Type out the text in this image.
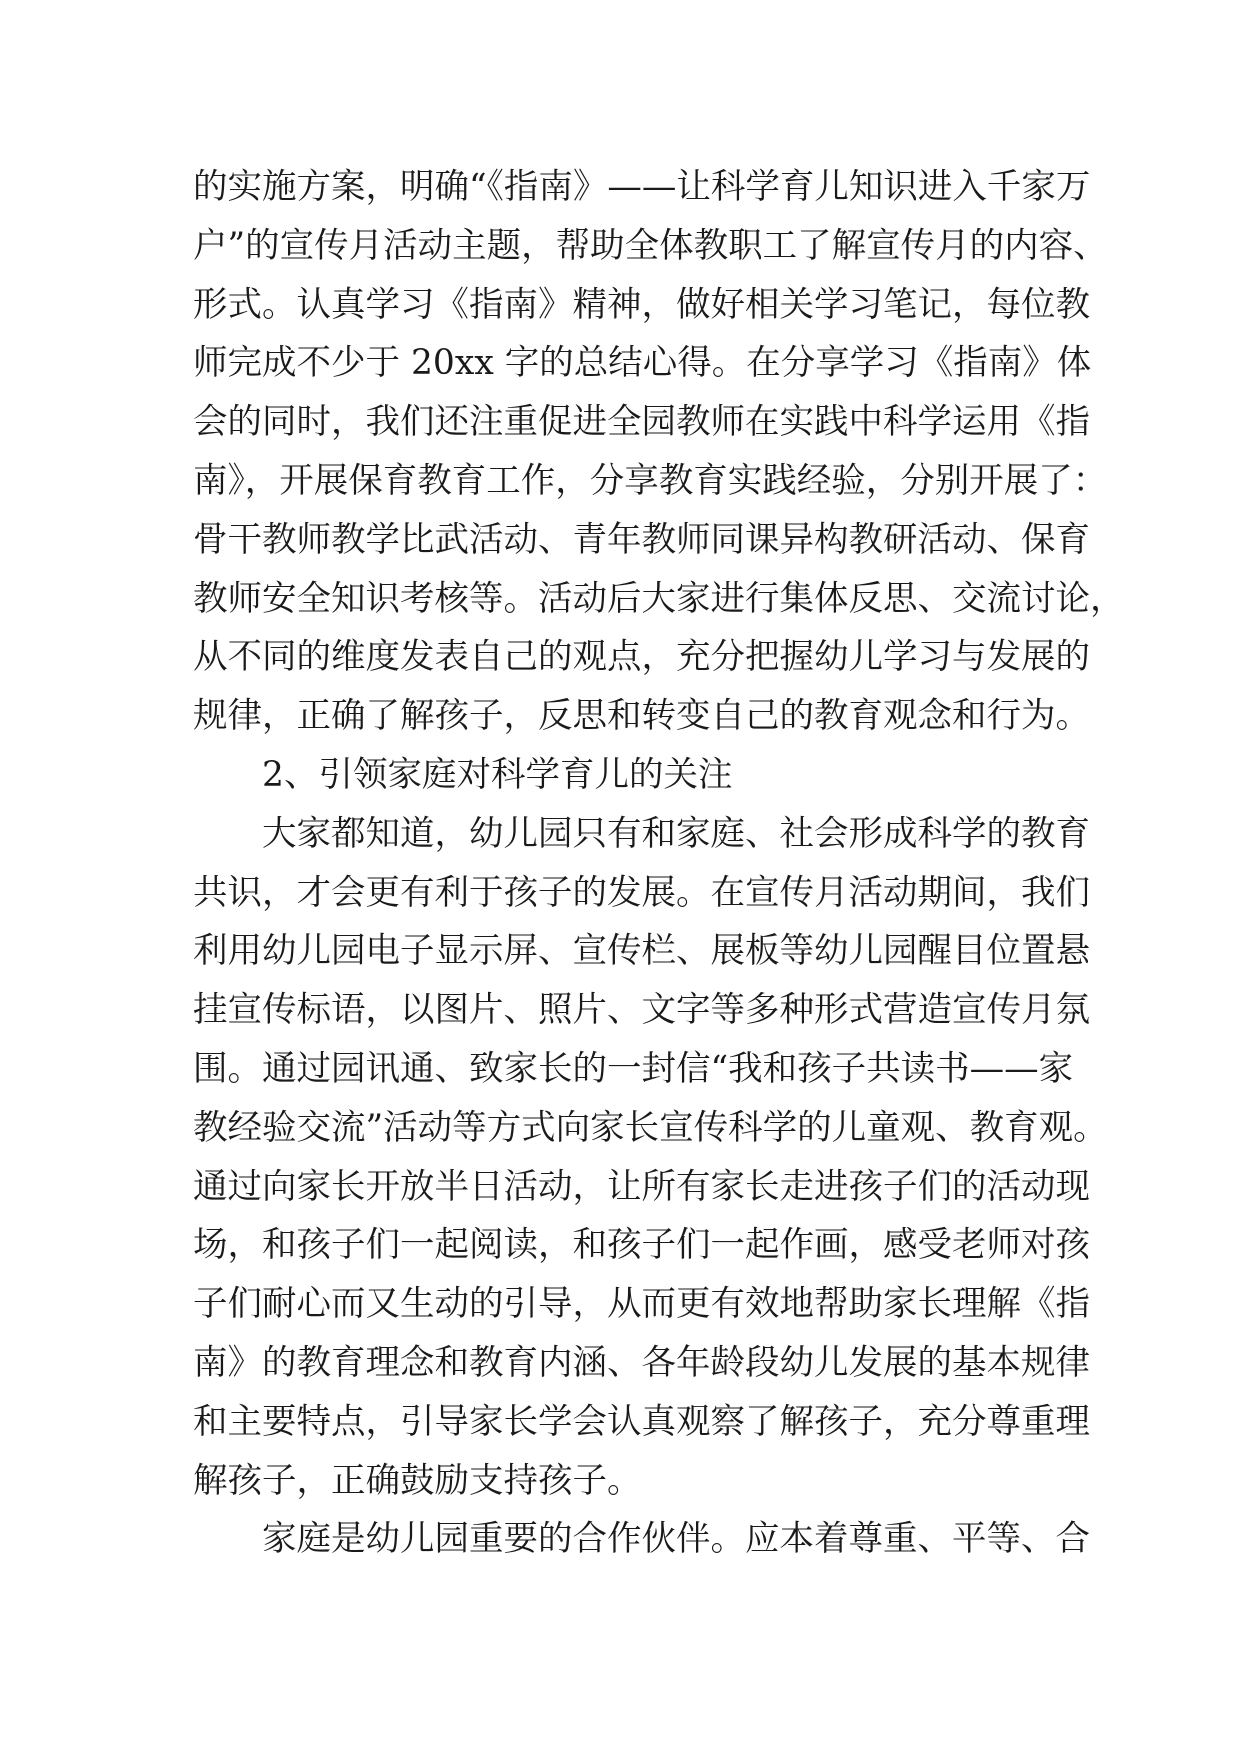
的实施方案，明确“《指南》——让科学育儿知识进入千家万
户”的宣传月活动主题，帮助全体教职工了解宣传月的内容、
形式。认真学习《指南》精神，做好相关学习笔记，每位教
师完成不少于 20xx 字的总结心得。在分享学习《指南》体
会的同时，我们还注重促进全园教师在实践中科学运用《指
南》，开展保育教育工作，分享教育实践经验，分别开展了：
骨干教师教学比武活动、青年教师同课异构教研活动、保育
教师安全知识考核等。活动后大家进行集体反思、交流讨论，
从不同的维度发表自己的观点，充分把握幼儿学习与发展的
规律，正确了解孩子，反思和转变自己的教育观念和行为。
2、引领家庭对科学育儿的关注
大家都知道，幼儿园只有和家庭、社会形成科学的教育
共识，才会更有利于孩子的发展。在宣传月活动期间，我们
利用幼儿园电子显示屏、宣传栏、展板等幼儿园醒目位置悬
挂宣传标语，以图片、照片、文字等多种形式营造宣传月氛
围。通过园讯通、致家长的一封信“我和孩子共读书——家
教经验交流”活动等方式向家长宣传科学的儿童观、教育观。
通过向家长开放半日活动，让所有家长走进孩子们的活动现
场，和孩子们一起阅读，和孩子们一起作画，感受老师对孩
子们耐心而又生动的引导，从而更有效地帮助家长理解《指
南》的教育理念和教育内涵、各年龄段幼儿发展的基本规律
和主要特点，引导家长学会认真观察了解孩子，充分尊重理
解孩子，正确鼓励支持孩子。
家庭是幼儿园重要的合作伙伴。应本着尊重、平等、合
